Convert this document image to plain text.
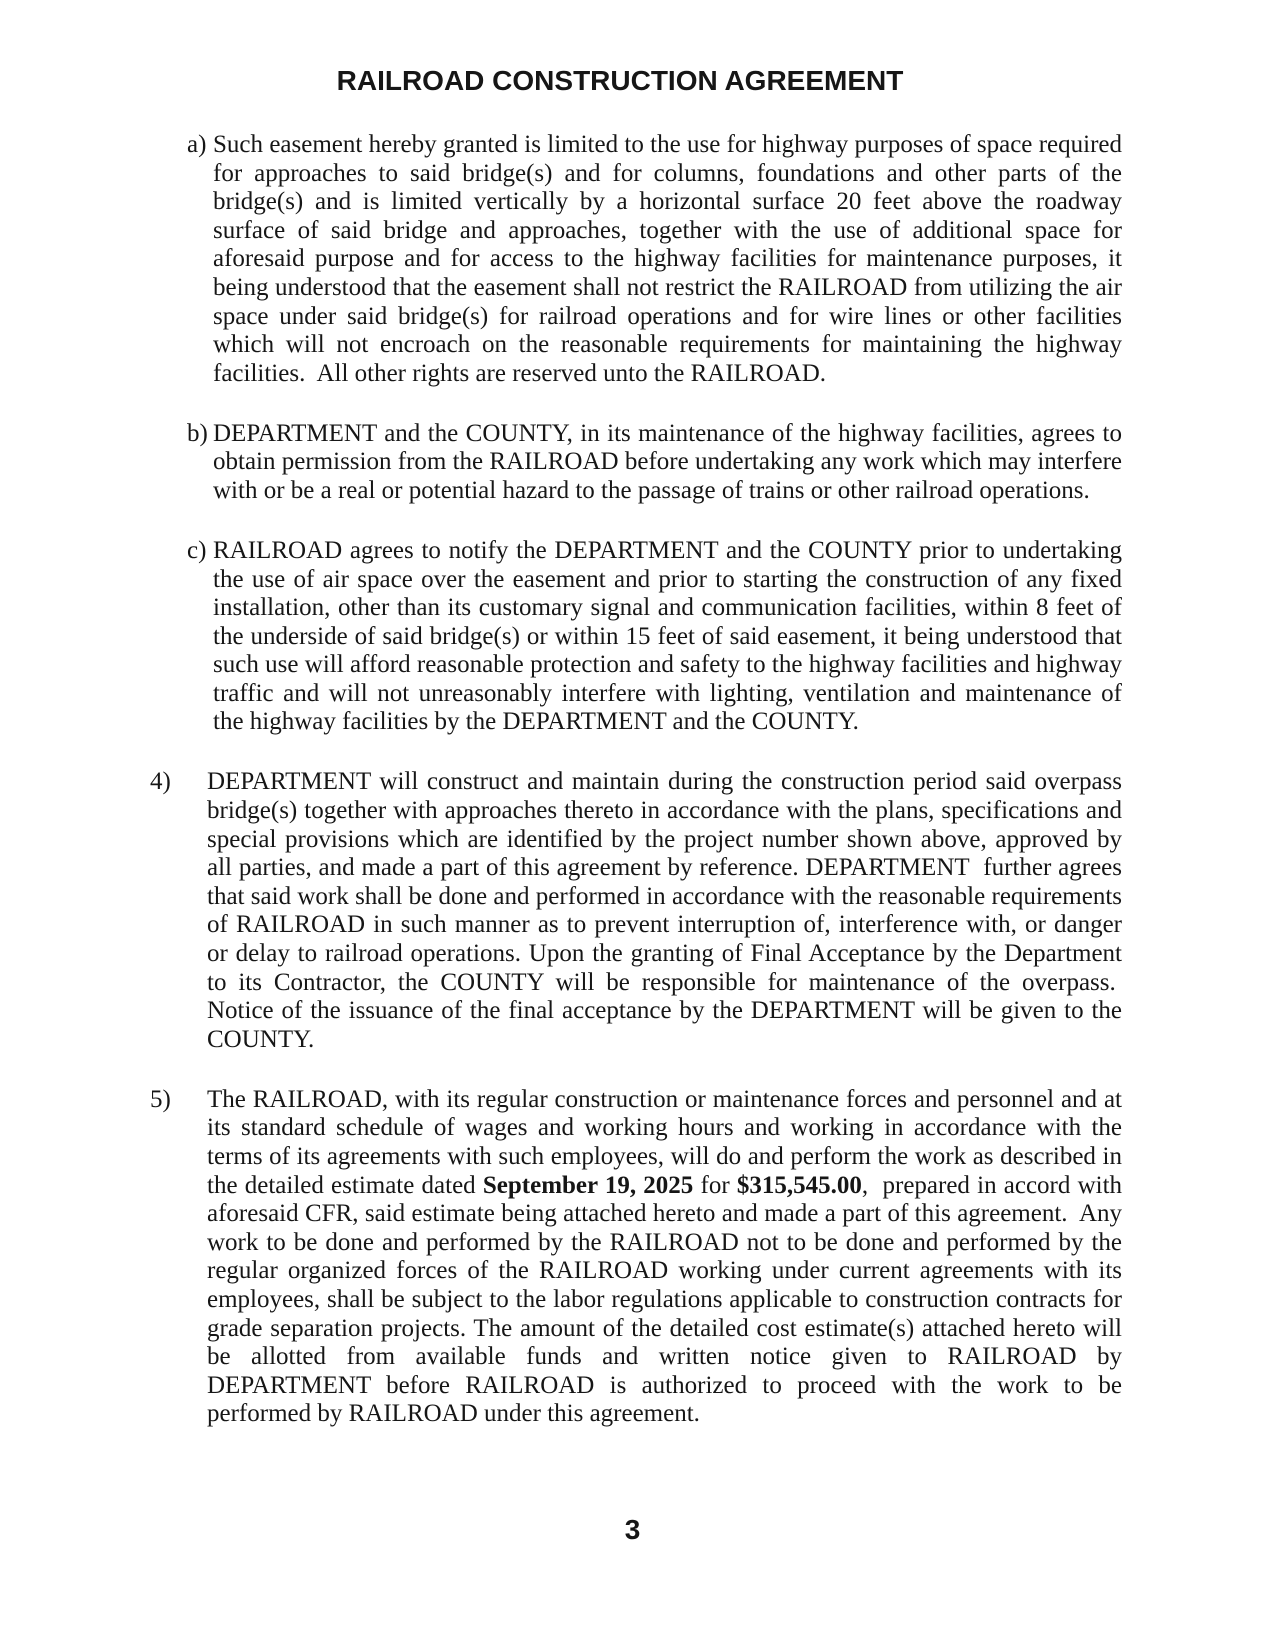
RAILROAD CONSTRUCTION AGREEMENT
a) Such easement hereby granted is limited to the use for highway purposes of space required for approaches to said bridge(s) and for columns, foundations and other parts of the bridge(s) and is limited vertically by a horizontal surface 20 feet above the roadway surface of said bridge and approaches, together with the use of additional space for aforesaid purpose and for access to the highway facilities for maintenance purposes, it being understood that the easement shall not restrict the RAILROAD from utilizing the air space under said bridge(s) for railroad operations and for wire lines or other facilities which will not encroach on the reasonable requirements for maintaining the highway facilities.  All other rights are reserved unto the RAILROAD.
b) DEPARTMENT and the COUNTY, in its maintenance of the highway facilities, agrees to obtain permission from the RAILROAD before undertaking any work which may interfere with or be a real or potential hazard to the passage of trains or other railroad operations.
c) RAILROAD agrees to notify the DEPARTMENT and the COUNTY prior to undertaking the use of air space over the easement and prior to starting the construction of any fixed installation, other than its customary signal and communication facilities, within 8 feet of the underside of said bridge(s) or within 15 feet of said easement, it being understood that such use will afford reasonable protection and safety to the highway facilities and highway traffic and will not unreasonably interfere with lighting, ventilation and maintenance of the highway facilities by the DEPARTMENT and the COUNTY.
4) DEPARTMENT will construct and maintain during the construction period said overpass bridge(s) together with approaches thereto in accordance with the plans, specifications and special provisions which are identified by the project number shown above, approved by all parties, and made a part of this agreement by reference. DEPARTMENT  further agrees that said work shall be done and performed in accordance with the reasonable requirements of RAILROAD in such manner as to prevent interruption of, interference with, or danger or delay to railroad operations. Upon the granting of Final Acceptance by the Department to its Contractor, the COUNTY will be responsible for maintenance of the overpass.  Notice of the issuance of the final acceptance by the DEPARTMENT will be given to the COUNTY.
5) The RAILROAD, with its regular construction or maintenance forces and personnel and at its standard schedule of wages and working hours and working in accordance with the terms of its agreements with such employees, will do and perform the work as described in the detailed estimate dated September 19, 2025 for $315,545.00,  prepared in accord with aforesaid CFR, said estimate being attached hereto and made a part of this agreement.  Any work to be done and performed by the RAILROAD not to be done and performed by the regular organized forces of the RAILROAD working under current agreements with its employees, shall be subject to the labor regulations applicable to construction contracts for grade separation projects. The amount of the detailed cost estimate(s) attached hereto will be allotted from available funds and written notice given to RAILROAD by DEPARTMENT before RAILROAD is authorized to proceed with the work to be performed by RAILROAD under this agreement.
3
